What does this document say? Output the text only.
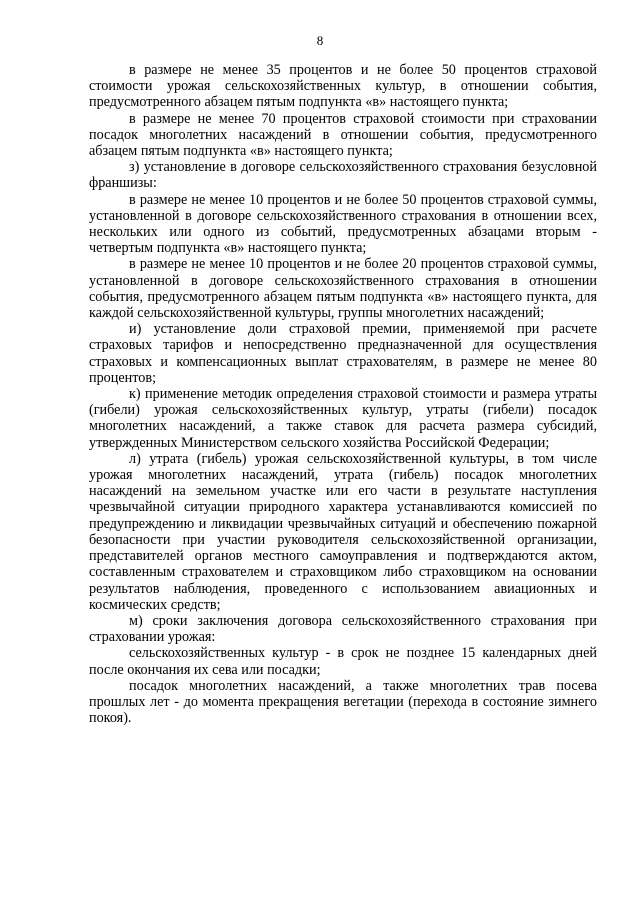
8

в размере не менее 35 процентов и не более 50 процентов страховой стоимости урожая сельскохозяйственных культур, в отношении события, предусмотренного абзацем пятым подпункта «в» настоящего пункта;

в размере не менее 70 процентов страховой стоимости при страховании посадок многолетних насаждений в отношении события, предусмотренного абзацем пятым подпункта «в» настоящего пункта;

з) установление в договоре сельскохозяйственного страхования безусловной франшизы:

в размере не менее 10 процентов и не более 50 процентов страховой суммы, установленной в договоре сельскохозяйственного страхования в отношении всех, нескольких или одного из событий, предусмотренных абзацами вторым - четвертым подпункта «в» настоящего пункта;

в размере не менее 10 процентов и не более 20 процентов страховой суммы, установленной в договоре сельскохозяйственного страхования в отношении события, предусмотренного абзацем пятым подпункта «в» настоящего пункта, для каждой сельскохозяйственной культуры, группы многолетних насаждений;

и) установление доли страховой премии, применяемой при расчете страховых тарифов и непосредственно предназначенной для осуществления страховых и компенсационных выплат страхователям, в размере не менее 80 процентов;

к) применение методик определения страховой стоимости и размера утраты (гибели) урожая сельскохозяйственных культур, утраты (гибели) посадок многолетних насаждений, а также ставок для расчета размера субсидий, утвержденных Министерством сельского хозяйства Российской Федерации;

л) утрата (гибель) урожая сельскохозяйственной культуры, в том числе урожая многолетних насаждений, утрата (гибель) посадок многолетних насаждений на земельном участке или его части в результате наступления чрезвычайной ситуации природного характера устанавливаются комиссией по предупреждению и ликвидации чрезвычайных ситуаций и обеспечению пожарной безопасности при участии руководителя сельскохозяйственной организации, представителей органов местного самоуправления и подтверждаются актом, составленным страхователем и страховщиком либо страховщиком на основании результатов наблюдения, проведенного с использованием авиационных и космических средств;

м) сроки заключения договора сельскохозяйственного страхования при страховании урожая:

сельскохозяйственных культур - в срок не позднее 15 календарных дней после окончания их сева или посадки;

посадок многолетних насаждений, а также многолетних трав посева прошлых лет - до момента прекращения вегетации (перехода в состояние зимнего покоя).
